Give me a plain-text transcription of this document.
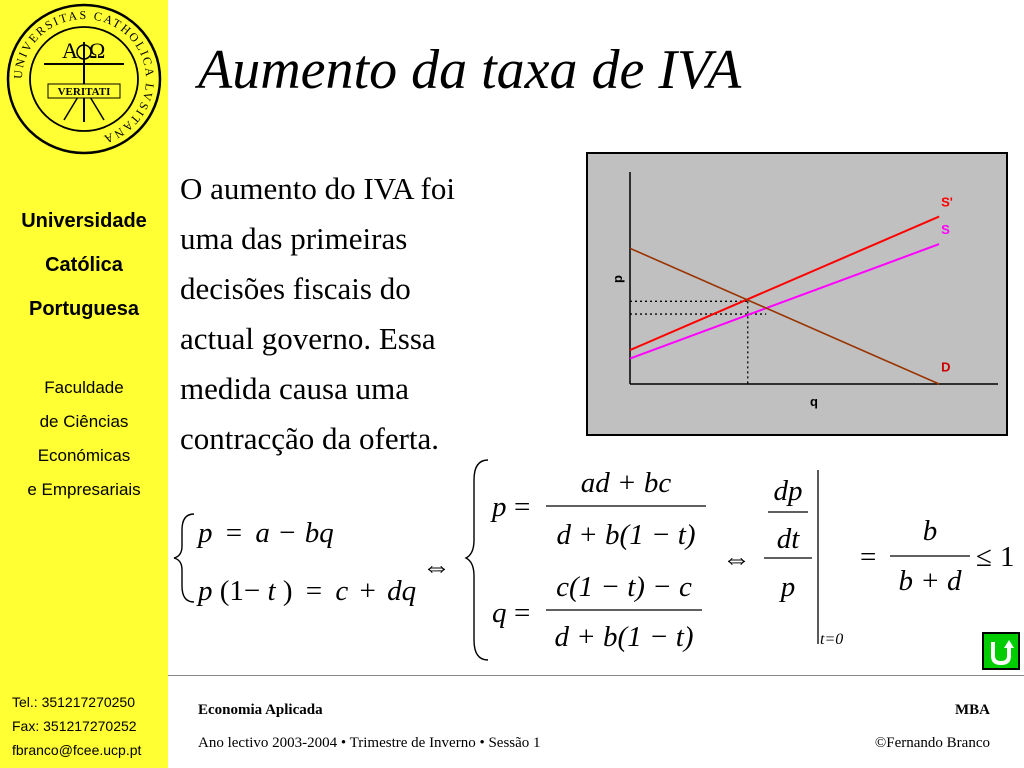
UNIVERSITAS CATHOLICA LVSITANA
A Ω
VERITATI
Universidade
Católica
Portuguesa
Faculdade
de Ciências
Económicas
e Empresariais
Tel.: 351217270250
Fax: 351217270252
fbranco@fcee.ucp.pt
Aumento da taxa de IVA
O aumento do IVA foi
uma das primeiras
decisões fiscais do
actual governo. Essa
medida causa uma
contracção da oferta.
S'
S
D
q
p
p = a − bq
p (1− t ) = c + dq
⇔
p =
ad + bc
d + b(1 − t)
q =
c(1 − t) − c
d + b(1 − t)
⇔
dp
dt
p
t=0
=
b
b + d
≤ 1
Economia Aplicada	MBA
Ano lectivo 2003-2004 • Trimestre de Inverno • Sessão 1	©Fernando Branco
